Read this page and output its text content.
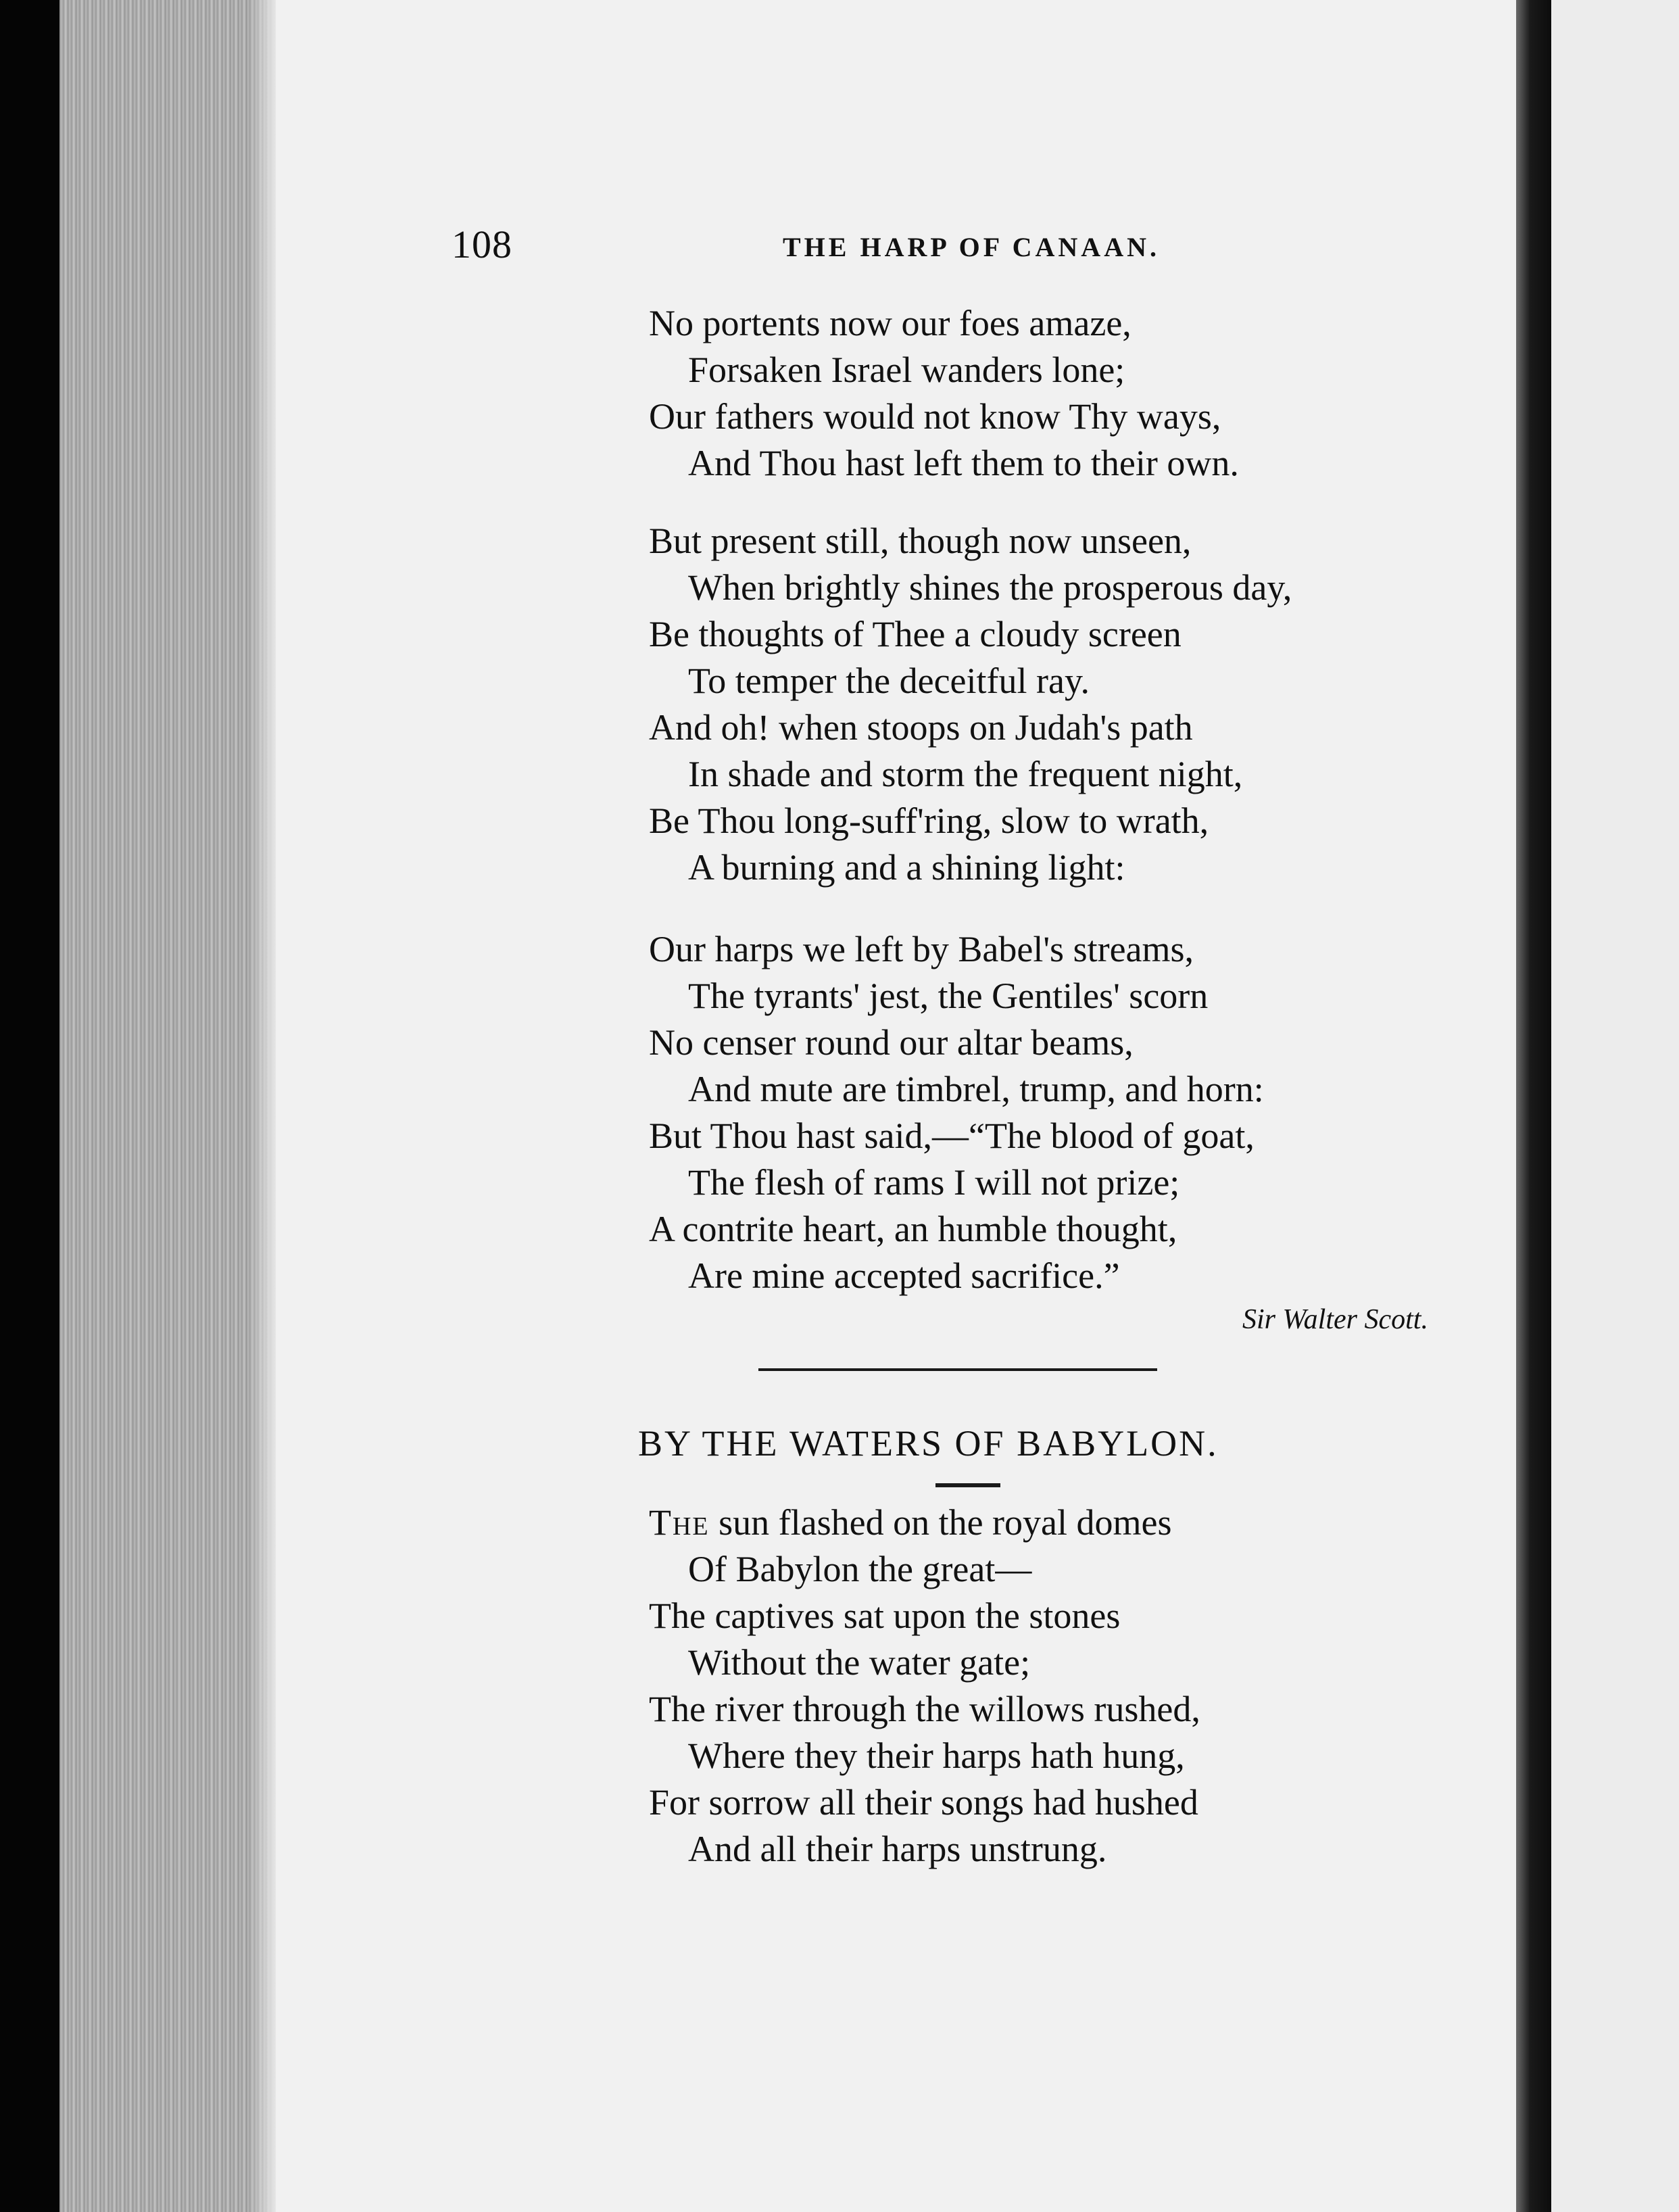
108	THE HARP OF CANAAN.
No portents now our foes amaze,
Forsaken Israel wanders lone;
Our fathers would not know Thy ways,
And Thou hast left them to their own.
But present still, though now unseen,
When brightly shines the prosperous day,
Be thoughts of Thee a cloudy screen
To temper the deceitful ray.
And oh! when stoops on Judah's path
In shade and storm the frequent night,
Be Thou long-suff'ring, slow to wrath,
A burning and a shining light:
Our harps we left by Babel's streams,
The tyrants' jest, the Gentiles' scorn
No censer round our altar beams,
And mute are timbrel, trump, and horn:
But Thou hast said,—“The blood of goat,
The flesh of rams I will not prize;
A contrite heart, an humble thought,
Are mine accepted sacrifice.”
Sir Walter Scott.
BY THE WATERS OF BABYLON.
The sun flashed on the royal domes
Of Babylon the great—
The captives sat upon the stones
Without the water gate;
The river through the willows rushed,
Where they their harps hath hung,
For sorrow all their songs had hushed
And all their harps unstrung.
